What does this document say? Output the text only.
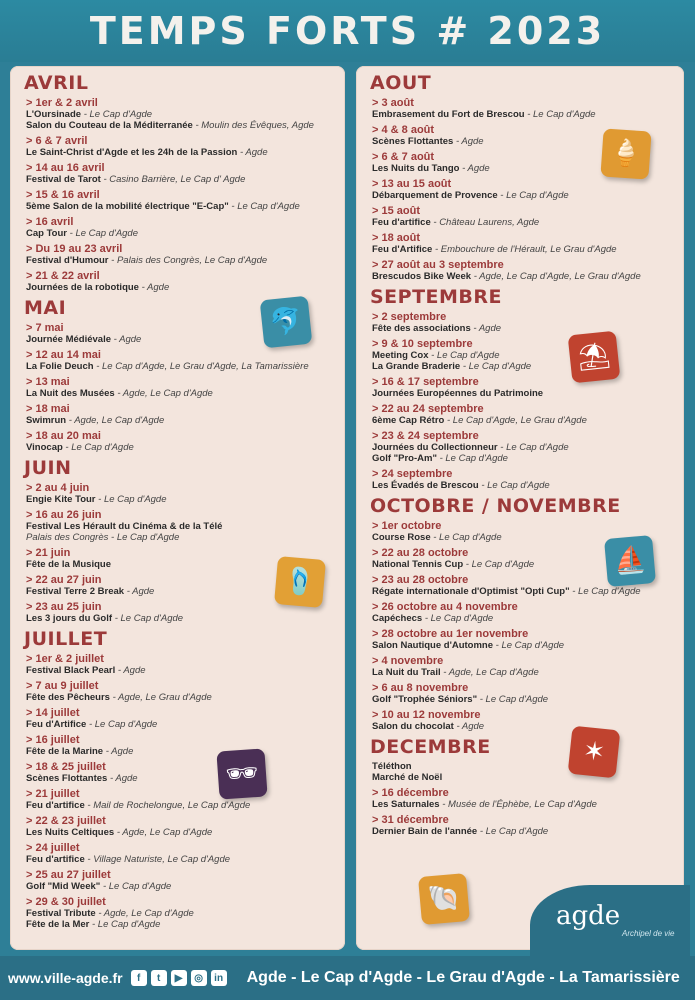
TEMPS FORTS # 2023
AVRIL
> 1er & 2 avril
L'Oursinade - Le Cap d'Agde
Salon du Couteau de la Méditerranée - Moulin des Évêques, Agde
> 6 & 7 avril
Le Saint-Christ d'Agde et les 24h de la Passion - Agde
> 14 au 16 avril
Festival de Tarot - Casino Barrière, Le Cap d' Agde
> 15 & 16 avril
5ème Salon de la mobilité électrique "E-Cap" - Le Cap d'Agde
> 16 avril
Cap Tour - Le Cap d'Agde
> Du 19 au 23 avril
Festival d'Humour - Palais des Congrès, Le Cap d'Agde
> 21 & 22 avril
Journées de la robotique - Agde
MAI
> 7 mai
Journée Médiévale - Agde
> 12 au 14 mai
La Folie Deuch - Le Cap d'Agde, Le Grau d'Agde, La Tamarissière
> 13 mai
La Nuit des Musées - Agde, Le Cap d'Agde
> 18 mai
Swimrun - Agde, Le Cap d'Agde
> 18 au 20 mai
Vinocap - Le Cap d'Agde
JUIN
> 2 au 4 juin
Engie Kite Tour - Le Cap d'Agde
> 16 au 26 juin
Festival Les Hérault du Cinéma & de la Télé
Palais des Congrès - Le Cap d'Agde
> 21 juin
Fête de la Musique
> 22 au 27 juin
Festival Terre 2 Break - Agde
> 23 au 25 juin
Les 3 jours du Golf - Le Cap d'Agde
JUILLET
> 1er & 2 juillet
Festival Black Pearl - Agde
> 7 au 9 juillet
Fête des Pêcheurs - Agde, Le Grau d'Agde
> 14 juillet
Feu d'Artifice - Le Cap d'Agde
> 16 juillet
Fête de la Marine - Agde
> 18 & 25 juillet
Scènes Flottantes - Agde
> 21 juillet
Feu d'artifice - Mail de Rochelongue, Le Cap d'Agde
> 22 & 23 juillet
Les Nuits Celtiques - Agde, Le Cap d'Agde
> 24 juillet
Feu d'artifice - Village Naturiste, Le Cap d'Agde
> 25 au 27 juillet
Golf "Mid Week" - Le Cap d'Agde
> 29 & 30 juillet
Festival Tribute - Agde, Le Cap d'Agde
Fête de la Mer - Le Cap d'Agde
AOUT
> 3 août
Embrasement du Fort de Brescou - Le Cap d'Agde
> 4 & 8 août
Scènes Flottantes - Agde
> 6 & 7 août
Les Nuits du Tango - Agde
> 13 au 15 août
Débarquement de Provence - Le Cap d'Agde
> 15 août
Feu d'artifice - Château Laurens, Agde
> 18 août
Feu d'Artifice - Embouchure de l'Hérault, Le Grau d'Agde
> 27 août au 3 septembre
Brescudos Bike Week - Agde, Le Cap d'Agde, Le Grau d'Agde
SEPTEMBRE
> 2 septembre
Fête des associations - Agde
> 9 & 10 septembre
Meeting Cox - Le Cap d'Agde
La Grande Braderie - Le Cap d'Agde
> 16 & 17 septembre
Journées Européennes du Patrimoine
> 22 au 24 septembre
6ème Cap Rétro - Le Cap d'Agde, Le Grau d'Agde
> 23 & 24 septembre
Journées du Collectionneur - Le Cap d'Agde
Golf "Pro-Am" - Le Cap d'Agde
> 24 septembre
Les Évadés de Brescou - Le Cap d'Agde
OCTOBRE / NOVEMBRE
> 1er octobre
Course Rose - Le Cap d'Agde
> 22 au 28 octobre
National Tennis Cup - Le Cap d'Agde
> 23 au 28 octobre
Régate internationale d'Optimist "Opti Cup" - Le Cap d'Agde
> 26 octobre au 4 novembre
Capéchecs - Le Cap d'Agde
> 28 octobre au 1er novembre
Salon Nautique d'Automne - Le Cap d'Agde
> 4 novembre
La Nuit du Trail - Agde, Le Cap d'Agde
> 6 au 8 novembre
Golf "Trophée Séniors" - Le Cap d'Agde
> 10 au 12 novembre
Salon du chocolat - Agde
DECEMBRE
Téléthon
Marché de Noël
> 16 décembre
Les Saturnales - Musée de l'Éphèbe, Le Cap d'Agde
> 31 décembre
Dernier Bain de l'année - Le Cap d'Agde
🐬
🩴
🕶
🍦
⛱
⛵
✶
🐚
agde
Archipel de vie
www.ville-agde.fr	f	t	▶	◎	in Agde - Le Cap d'Agde - Le Grau d'Agde - La Tamarissière
